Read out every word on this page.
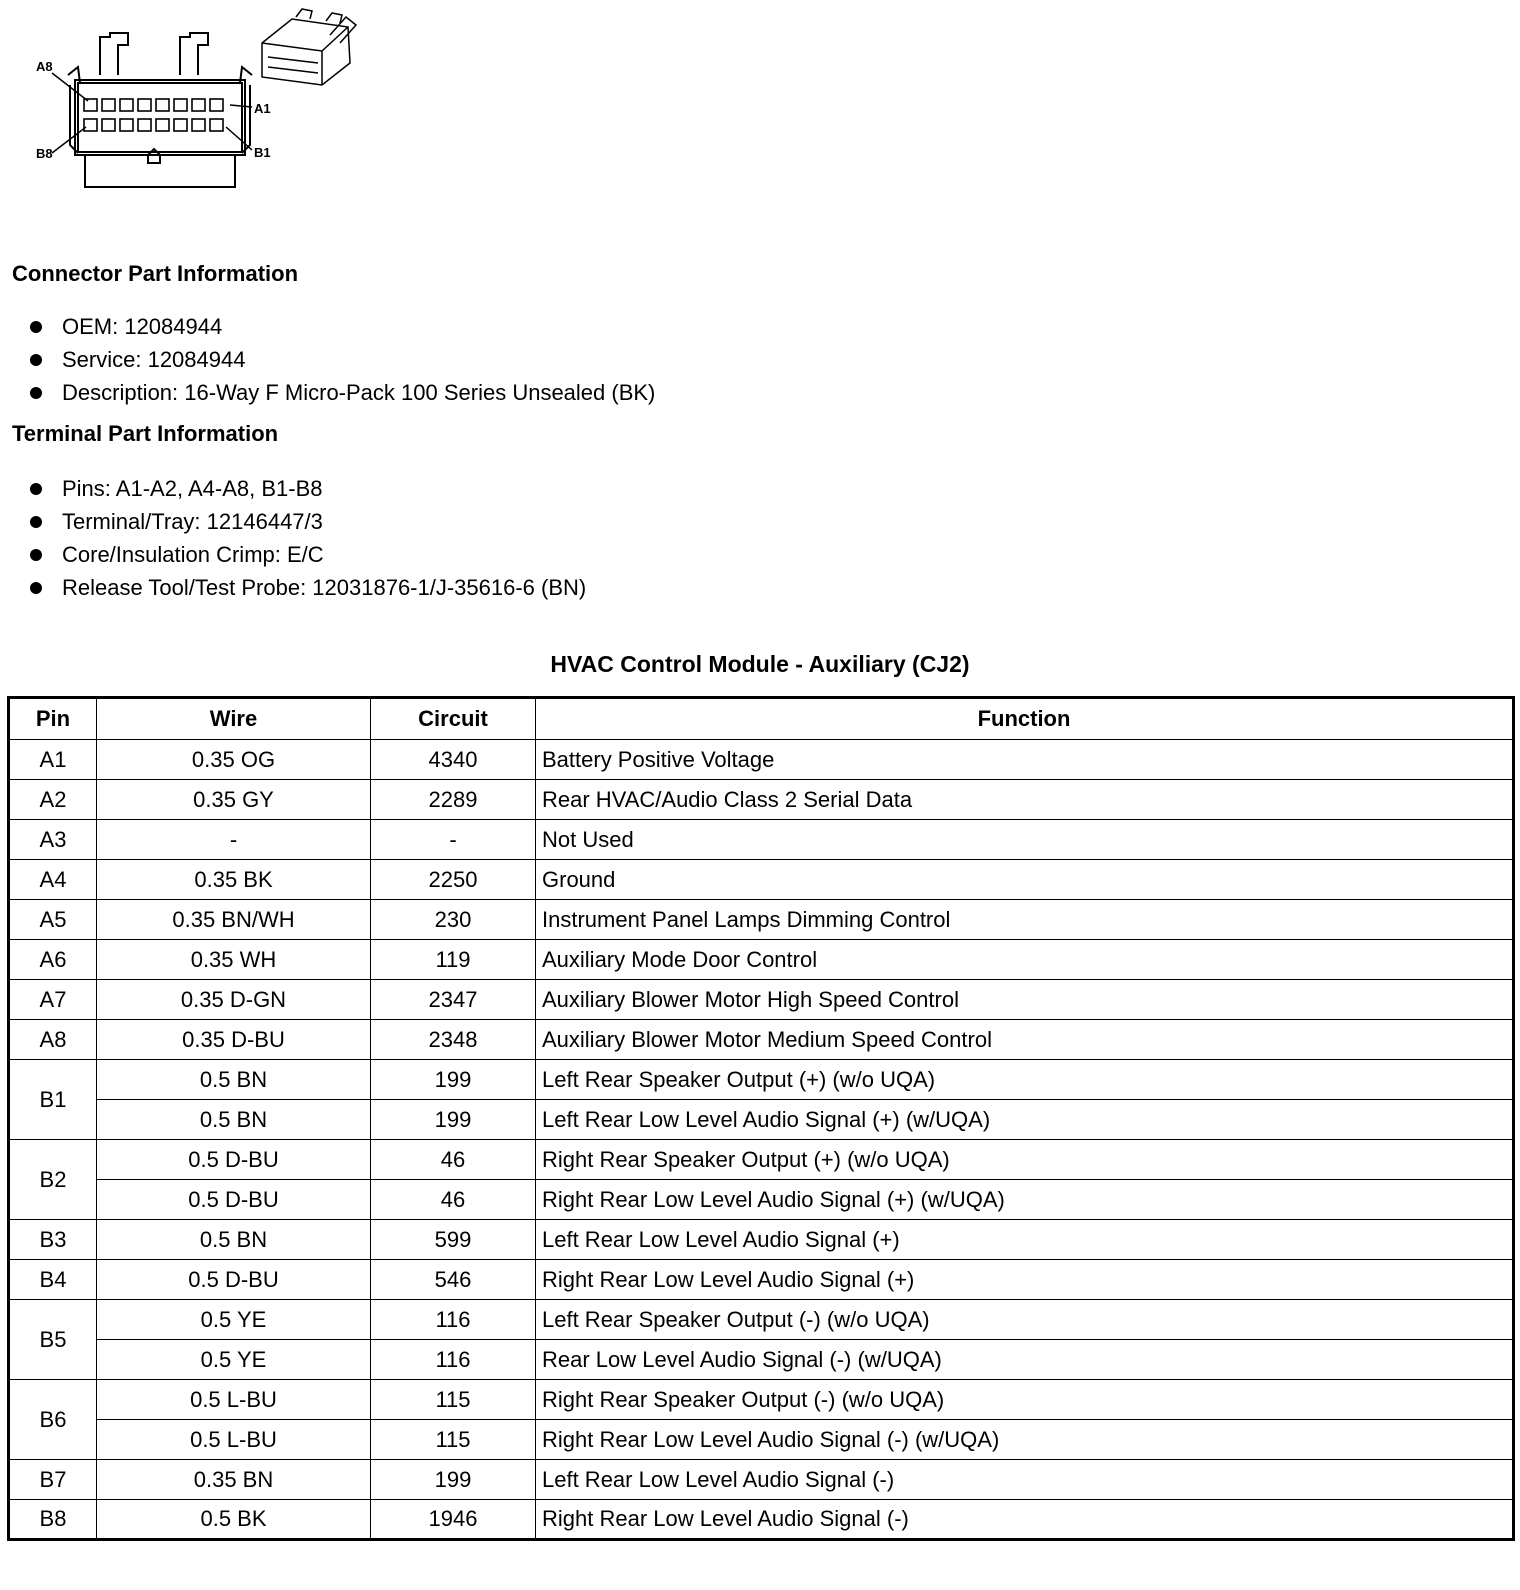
A8
A1
B8	B1
Connector Part Information
OEM: 12084944
Service: 12084944
Description: 16-Way F Micro-Pack 100 Series Unsealed (BK)
Terminal Part Information
Pins: A1-A2, A4-A8, B1-B8
Terminal/Tray: 12146447/3
Core/Insulation Crimp: E/C
Release Tool/Test Probe: 12031876-1/J-35616-6 (BN)
HVAC Control Module - Auxiliary (CJ2)
Pin	Wire	Circuit	Function
A1	0.35 OG	4340	Battery Positive Voltage
A2	0.35 GY	2289	Rear HVAC/Audio Class 2 Serial Data
A3	-	-	Not Used
A4	0.35 BK	2250	Ground
A5	0.35 BN/WH	230	Instrument Panel Lamps Dimming Control
A6	0.35 WH	119	Auxiliary Mode Door Control
A7	0.35 D-GN	2347	Auxiliary Blower Motor High Speed Control
A8	0.35 D-BU	2348	Auxiliary Blower Motor Medium Speed Control
B1	0.5 BN	199	Left Rear Speaker Output (+) (w/o UQA)
	0.5 BN	199	Left Rear Low Level Audio Signal (+) (w/UQA)
B2	0.5 D-BU	46	Right Rear Speaker Output (+) (w/o UQA)
	0.5 D-BU	46	Right Rear Low Level Audio Signal (+) (w/UQA)
B3	0.5 BN	599	Left Rear Low Level Audio Signal (+)
B4	0.5 D-BU	546	Right Rear Low Level Audio Signal (+)
B5	0.5 YE	116	Left Rear Speaker Output (-) (w/o UQA)
	0.5 YE	116	Rear Low Level Audio Signal (-) (w/UQA)
B6	0.5 L-BU	115	Right Rear Speaker Output (-) (w/o UQA)
	0.5 L-BU	115	Right Rear Low Level Audio Signal (-) (w/UQA)
B7	0.35 BN	199	Left Rear Low Level Audio Signal (-)
B8	0.5 BK	1946	Right Rear Low Level Audio Signal (-)
